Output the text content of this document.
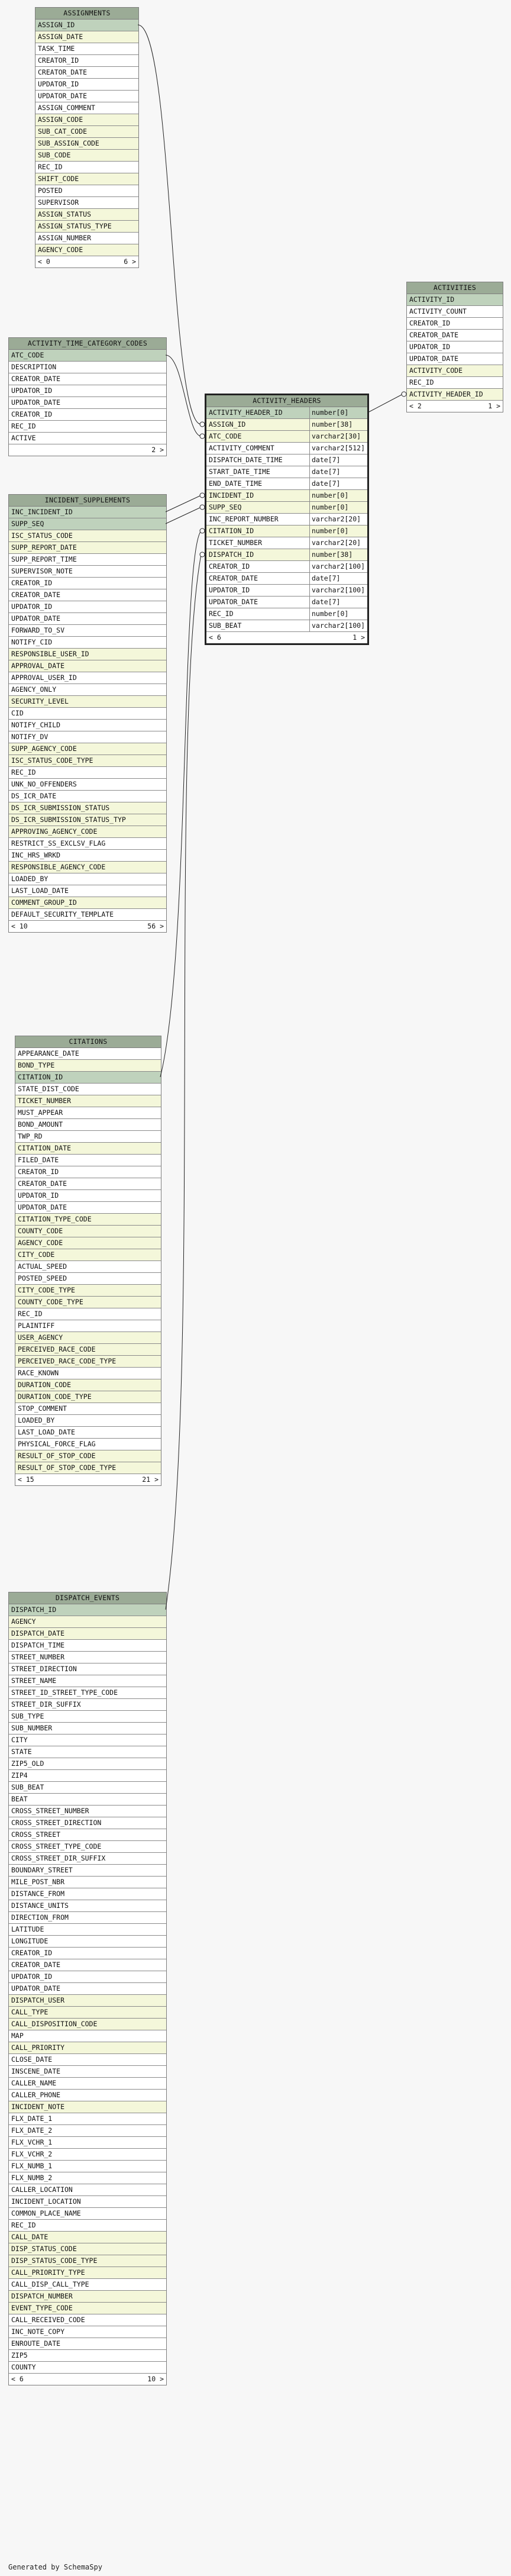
ASSIGNMENTS
ASSIGN_ID
ASSIGN_DATE
TASK_TIME
CREATOR_ID
CREATOR_DATE
UPDATOR_ID
UPDATOR_DATE
ASSIGN_COMMENT
ASSIGN_CODE
SUB_CAT_CODE
SUB_ASSIGN_CODE
SUB_CODE
REC_ID
SHIFT_CODE
POSTED
SUPERVISOR
ASSIGN_STATUS
ASSIGN_STATUS_TYPE
ASSIGN_NUMBER
AGENCY_CODE
< 0	6 >
ACTIVITIES
ACTIVITY_ID
ACTIVITY_COUNT
CREATOR_ID
CREATOR_DATE
UPDATOR_ID
UPDATOR_DATE
ACTIVITY_CODE
REC_ID
ACTIVITY_HEADER_ID
< 2	1 >
ACTIVITY_TIME_CATEGORY_CODES
ATC_CODE
DESCRIPTION
CREATOR_DATE
UPDATOR_ID
UPDATOR_DATE
CREATOR_ID
REC_ID
ACTIVE
2 >
ACTIVITY_HEADERS
ACTIVITY_HEADER_ID	number[0]
ASSIGN_ID	number[38]
ATC_CODE	varchar2[30]
ACTIVITY_COMMENT	varchar2[512]
DISPATCH_DATE_TIME	date[7]
START_DATE_TIME	date[7]
END_DATE_TIME	date[7]
INCIDENT_ID	number[0]
SUPP_SEQ	number[0]
INC_REPORT_NUMBER	varchar2[20]
CITATION_ID	number[0]
TICKET_NUMBER	varchar2[20]
DISPATCH_ID	number[38]
CREATOR_ID	varchar2[100]
CREATOR_DATE	date[7]
UPDATOR_ID	varchar2[100]
UPDATOR_DATE	date[7]
REC_ID	number[0]
SUB_BEAT	varchar2[100]
< 6	1 >
INCIDENT_SUPPLEMENTS
INC_INCIDENT_ID
SUPP_SEQ
ISC_STATUS_CODE
SUPP_REPORT_DATE
SUPP_REPORT_TIME
SUPERVISOR_NOTE
CREATOR_ID
CREATOR_DATE
UPDATOR_ID
UPDATOR_DATE
FORWARD_TO_SV
NOTIFY_CID
RESPONSIBLE_USER_ID
APPROVAL_DATE
APPROVAL_USER_ID
AGENCY_ONLY
SECURITY_LEVEL
CID
NOTIFY_CHILD
NOTIFY_DV
SUPP_AGENCY_CODE
ISC_STATUS_CODE_TYPE
REC_ID
UNK_NO_OFFENDERS
DS_ICR_DATE
DS_ICR_SUBMISSION_STATUS
DS_ICR_SUBMISSION_STATUS_TYP
APPROVING_AGENCY_CODE
RESTRICT_SS_EXCLSV_FLAG
INC_HRS_WRKD
RESPONSIBLE_AGENCY_CODE
LOADED_BY
LAST_LOAD_DATE
COMMENT_GROUP_ID
DEFAULT_SECURITY_TEMPLATE
< 10	56 >
CITATIONS
APPEARANCE_DATE
BOND_TYPE
CITATION_ID
STATE_DIST_CODE
TICKET_NUMBER
MUST_APPEAR
BOND_AMOUNT
TWP_RD
CITATION_DATE
FILED_DATE
CREATOR_ID
CREATOR_DATE
UPDATOR_ID
UPDATOR_DATE
CITATION_TYPE_CODE
COUNTY_CODE
AGENCY_CODE
CITY_CODE
ACTUAL_SPEED
POSTED_SPEED
CITY_CODE_TYPE
COUNTY_CODE_TYPE
REC_ID
PLAINTIFF
USER_AGENCY
PERCEIVED_RACE_CODE
PERCEIVED_RACE_CODE_TYPE
RACE_KNOWN
DURATION_CODE
DURATION_CODE_TYPE
STOP_COMMENT
LOADED_BY
LAST_LOAD_DATE
PHYSICAL_FORCE_FLAG
RESULT_OF_STOP_CODE
RESULT_OF_STOP_CODE_TYPE
< 15	21 >
DISPATCH_EVENTS
DISPATCH_ID
AGENCY
DISPATCH_DATE
DISPATCH_TIME
STREET_NUMBER
STREET_DIRECTION
STREET_NAME
STREET_ID_STREET_TYPE_CODE
STREET_DIR_SUFFIX
SUB_TYPE
SUB_NUMBER
CITY
STATE
ZIP5_OLD
ZIP4
SUB_BEAT
BEAT
CROSS_STREET_NUMBER
CROSS_STREET_DIRECTION
CROSS_STREET
CROSS_STREET_TYPE_CODE
CROSS_STREET_DIR_SUFFIX
BOUNDARY_STREET
MILE_POST_NBR
DISTANCE_FROM
DISTANCE_UNITS
DIRECTION_FROM
LATITUDE
LONGITUDE
CREATOR_ID
CREATOR_DATE
UPDATOR_ID
UPDATOR_DATE
DISPATCH_USER
CALL_TYPE
CALL_DISPOSITION_CODE
MAP
CALL_PRIORITY
CLOSE_DATE
INSCENE_DATE
CALLER_NAME
CALLER_PHONE
INCIDENT_NOTE
FLX_DATE_1
FLX_DATE_2
FLX_VCHR_1
FLX_VCHR_2
FLX_NUMB_1
FLX_NUMB_2
CALLER_LOCATION
INCIDENT_LOCATION
COMMON_PLACE_NAME
REC_ID
CALL_DATE
DISP_STATUS_CODE
DISP_STATUS_CODE_TYPE
CALL_PRIORITY_TYPE
CALL_DISP_CALL_TYPE
DISPATCH_NUMBER
EVENT_TYPE_CODE
CALL_RECEIVED_CODE
INC_NOTE_COPY
ENROUTE_DATE
ZIP5
COUNTY
< 6	10 >
Generated by SchemaSpy
